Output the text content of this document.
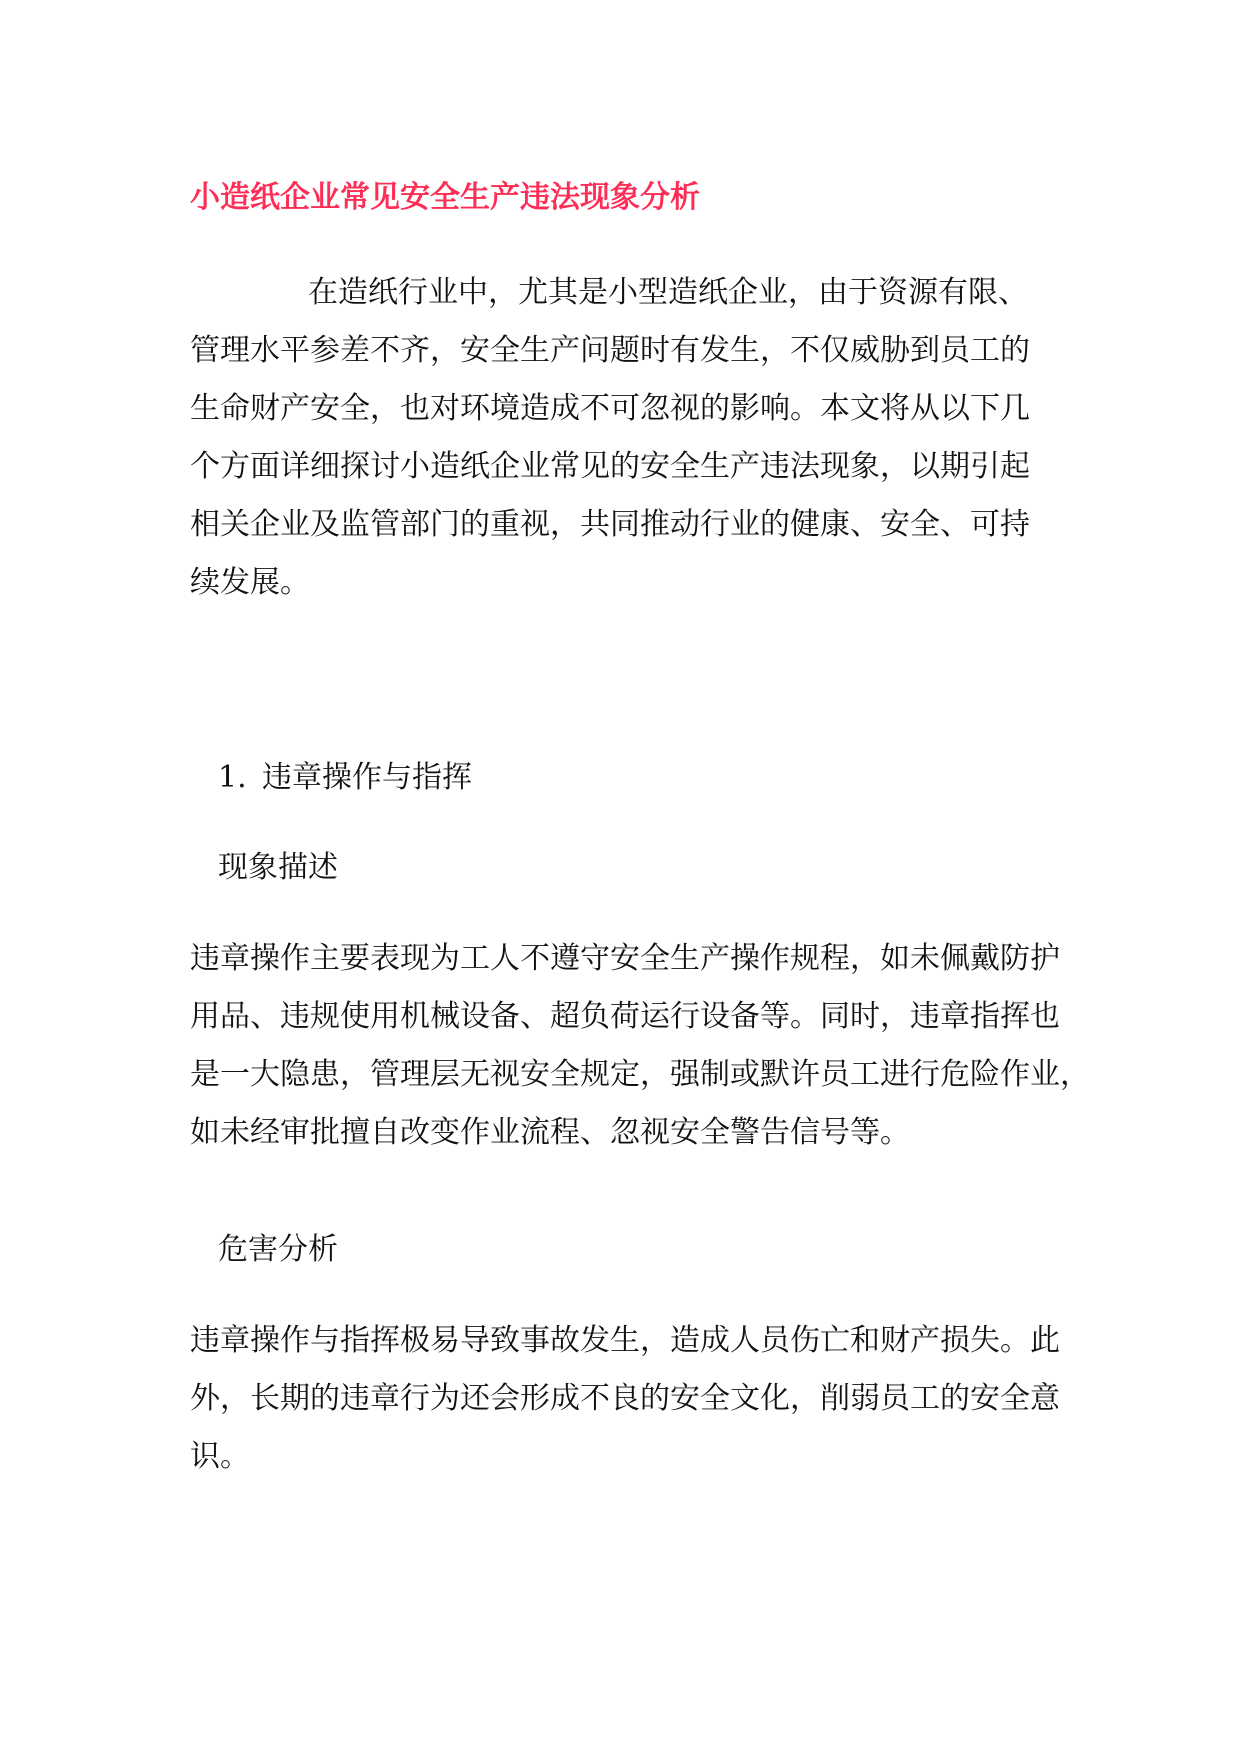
小造纸企业常见安全生产违法现象分析
在造纸行业中，尤其是小型造纸企业，由于资源有限、
管理水平参差不齐，安全生产问题时有发生，不仅威胁到员工的
生命财产安全，也对环境造成不可忽视的影响。本文将从以下几
个方面详细探讨小造纸企业常见的安全生产违法现象，以期引起
相关企业及监管部门的重视，共同推动行业的健康、安全、可持
续发展。
1. 违章操作与指挥
现象描述
违章操作主要表现为工人不遵守安全生产操作规程，如未佩戴防护
用品、违规使用机械设备、超负荷运行设备等。同时，违章指挥也
是一大隐患，管理层无视安全规定，强制或默许员工进行危险作业，
如未经审批擅自改变作业流程、忽视安全警告信号等。
危害分析
违章操作与指挥极易导致事故发生，造成人员伤亡和财产损失。此
外，长期的违章行为还会形成不良的安全文化，削弱员工的安全意
识。
